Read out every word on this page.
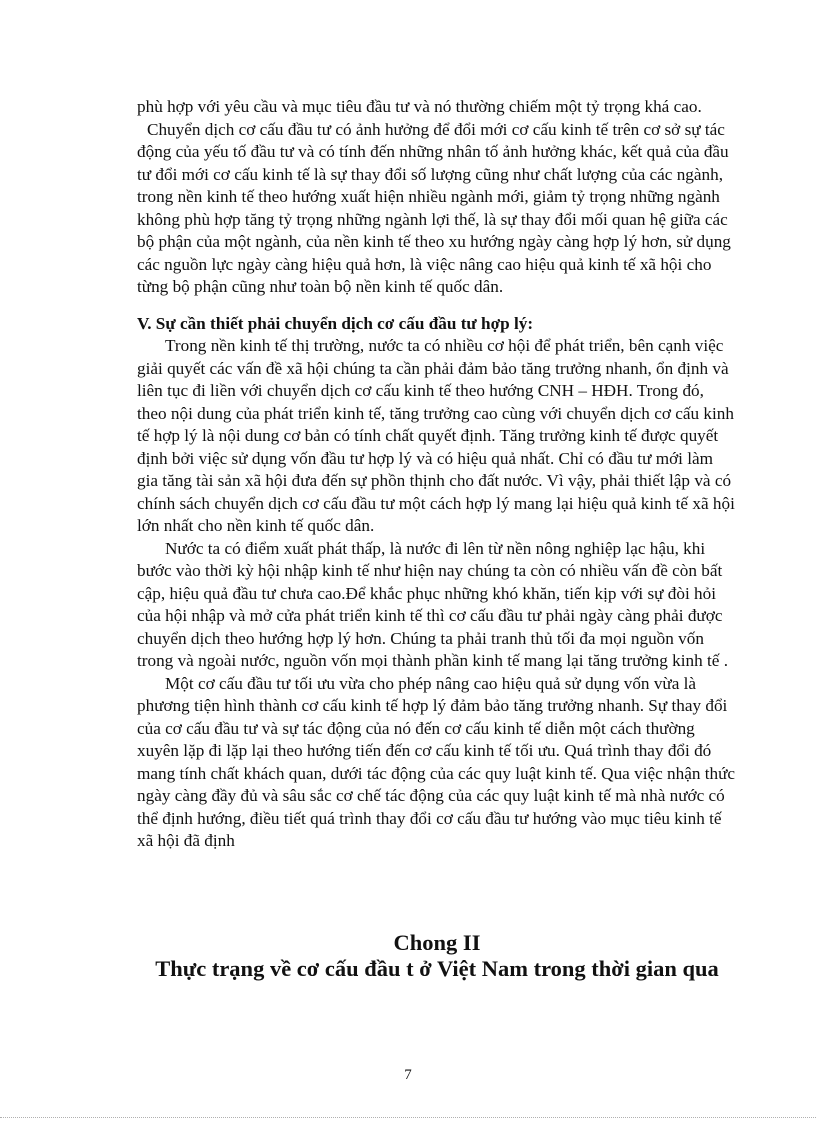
phù hợp với yêu cầu và mục tiêu đầu tư và nó thường chiếm một tỷ trọng khá cao.

Chuyển dịch cơ cấu đầu tư có ảnh hưởng để đổi mới cơ cấu kinh tế trên cơ sở sự tác động của yếu tố đầu tư và có tính đến những nhân tố ảnh hưởng khác, kết quả của đầu tư đổi mới cơ cấu kinh tế là sự thay đổi số lượng cũng như chất lượng của các ngành, trong nền kinh tế theo hướng xuất hiện nhiều ngành mới, giảm tỷ trọng những ngành không phù hợp tăng tỷ trọng những ngành lợi thế, là sự thay đổi mối quan hệ giữa các bộ phận của một ngành, của nền kinh tế theo xu hướng ngày càng hợp lý hơn, sử dụng các nguồn lực ngày càng hiệu quả hơn, là việc nâng cao hiệu quả kinh tế xã hội cho từng bộ phận cũng như toàn bộ nền kinh tế quốc dân.

V. Sự cần thiết phải chuyển dịch cơ cấu đầu tư hợp lý:

Trong nền kinh tế thị trường, nước ta có nhiều cơ hội để phát triển, bên cạnh việc giải quyết các vấn đề xã hội chúng ta cần phải đảm bảo tăng trưởng nhanh, ổn định và liên tục đi liền với chuyển dịch cơ cấu kinh tế theo hướng CNH – HĐH. Trong đó, theo nội dung của phát triển kinh tế, tăng trưởng cao cùng với chuyển dịch cơ cấu kinh tế hợp lý là nội dung cơ bản có tính chất quyết định. Tăng trưởng kinh tế được quyết định bởi việc sử dụng vốn đầu tư hợp lý và có hiệu quả nhất. Chỉ có đầu tư mới làm gia tăng tài sản xã hội đưa đến sự phồn thịnh cho đất nước. Vì vậy, phải thiết lập và có chính sách chuyển dịch cơ cấu đầu tư một cách hợp lý mang lại hiệu quả kinh tế xã hội lớn nhất cho nền kinh tế quốc dân.

Nước ta có điểm xuất phát thấp, là nước đi lên từ nền nông nghiệp lạc hậu, khi bước vào thời kỳ hội nhập kinh tế như hiện nay chúng ta còn có nhiều vấn đề còn bất cập, hiệu quả đầu tư chưa cao.Để khắc phục những khó khăn, tiến kịp với sự đòi hỏi của hội nhập và mở cửa phát triển kinh tế thì cơ cấu đầu tư phải ngày càng phải được chuyển dịch theo hướng hợp lý hơn. Chúng ta phải tranh thủ tối đa mọi nguồn vốn trong và ngoài nước, nguồn vốn mọi thành phần kinh tế mang lại tăng trưởng kinh tế .

Một cơ cấu đầu tư tối ưu vừa cho phép nâng cao hiệu quả sử dụng vốn vừa là phương tiện hình thành cơ cấu kinh tế hợp lý đảm bảo tăng trưởng nhanh. Sự thay đổi của cơ cấu đầu tư và sự tác động của nó đến cơ cấu kinh tế diễn một cách thường xuyên lặp đi lặp lại theo hướng tiến đến cơ cấu kinh tế tối ưu. Quá trình thay đổi đó mang tính chất khách quan, dưới tác động của các quy luật kinh tế. Qua việc nhận thức ngày càng đầy đủ và sâu sắc cơ chế tác động của các quy luật kinh tế mà nhà nước có thể định hướng, điều tiết quá trình thay đổi cơ cấu đầu tư hướng vào mục tiêu kinh tế xã hội đã định

Chong II
Thực trạng về cơ cấu đầu t ở Việt Nam trong thời gian qua
7
